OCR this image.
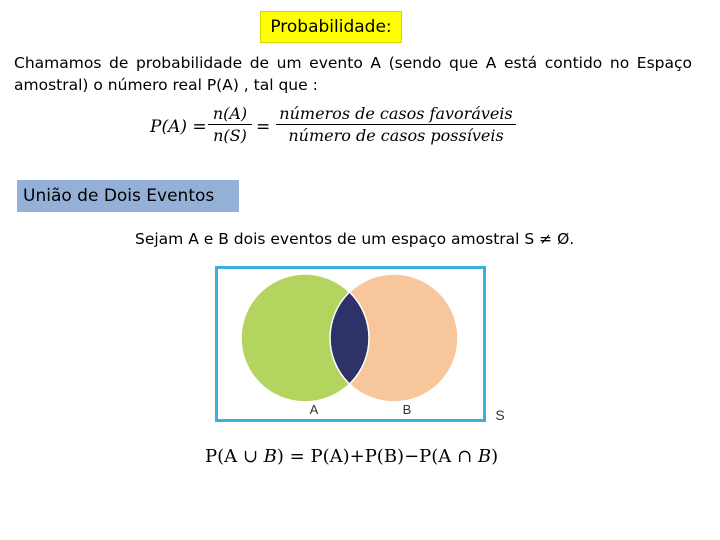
Probabilidade:
Chamamos de probabilidade de um evento A (sendo que A está contido no Espaço amostral) o número real P(A) , tal que :
P(A) =
n(A)
n(S) =
números de casos favoráveis
número de casos possíveis
União de Dois Eventos
Sejam A e B dois eventos de um espaço amostral S ≠ Ø.
A	B	S
P(A ∪ B) = P(A)+P(B)−P(A ∩ B)
